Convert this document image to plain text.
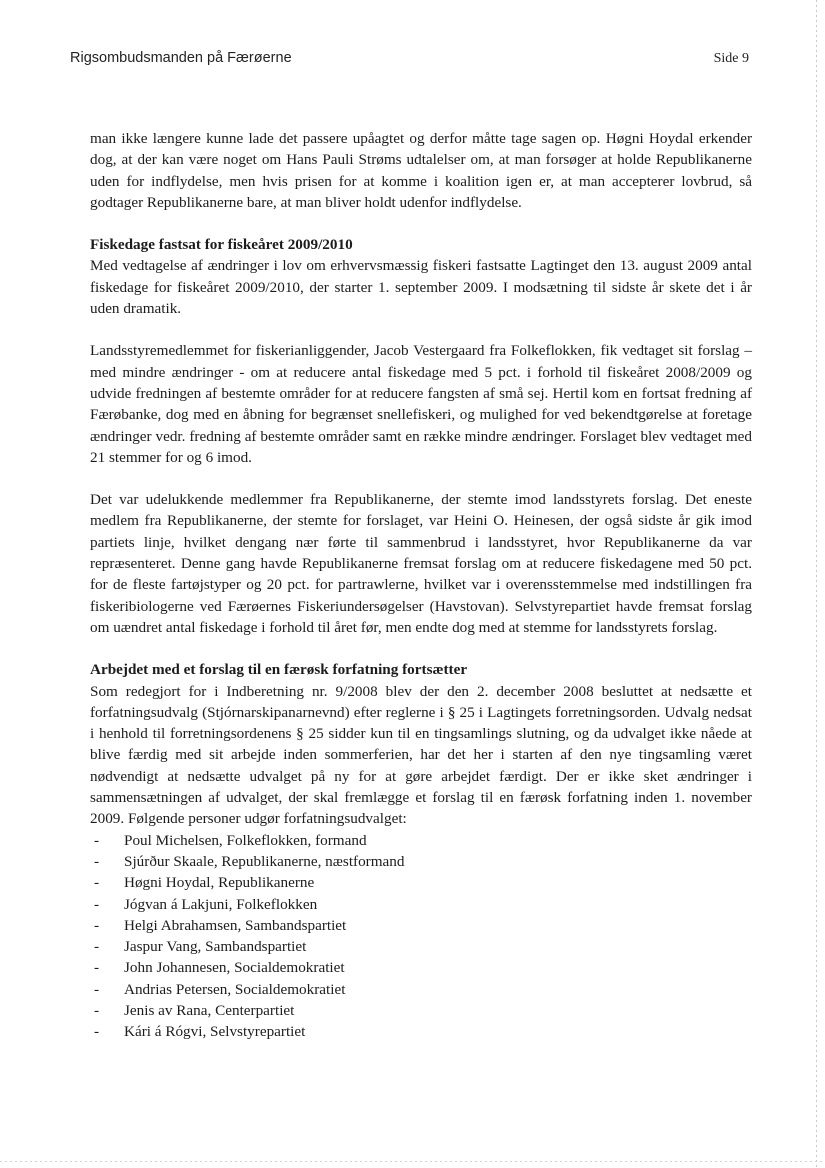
Rigsombudsmanden på Færøerne	Side 9

man ikke længere kunne lade det passere upåagtet og derfor måtte tage sagen op. Høgni Hoydal erkender dog, at der kan være noget om Hans Pauli Strøms udtalelser om, at man forsøger at holde Republikanerne uden for indflydelse, men hvis prisen for at komme i koalition igen er, at man accepterer lovbrud, så godtager Republikanerne bare, at man bliver holdt udenfor indflydelse.

Fiskedage fastsat for fiskeåret 2009/2010

Med vedtagelse af ændringer i lov om erhvervsmæssig fiskeri fastsatte Lagtinget den 13. august 2009 antal fiskedage for fiskeåret 2009/2010, der starter 1. september 2009. I modsætning til sidste år skete det i år uden dramatik.

Landsstyremedlemmet for fiskerianliggender, Jacob Vestergaard fra Folkeflokken, fik vedtaget sit forslag – med mindre ændringer - om at reducere antal fiskedage med 5 pct. i forhold til fiskeåret 2008/2009 og udvide fredningen af bestemte områder for at reducere fangsten af små sej. Hertil kom en fortsat fredning af Færøbanke, dog med en åbning for begrænset snellefiskeri, og mulighed for ved bekendtgørelse at foretage ændringer vedr. fredning af bestemte områder samt en række mindre ændringer. Forslaget blev vedtaget med 21 stemmer for og 6 imod.

Det var udelukkende medlemmer fra Republikanerne, der stemte imod landsstyrets forslag. Det eneste medlem fra Republikanerne, der stemte for forslaget, var Heini O. Heinesen, der også sidste år gik imod partiets linje, hvilket dengang nær førte til sammenbrud i landsstyret, hvor Republikanerne da var repræsenteret. Denne gang havde Republikanerne fremsat forslag om at reducere fiskedagene med 50 pct. for de fleste fartøjstyper og 20 pct. for partrawlerne, hvilket var i overensstemmelse med indstillingen fra fiskeribiologerne ved Færøernes Fiskeriundersøgelser (Havstovan). Selvstyrepartiet havde fremsat forslag om uændret antal fiskedage i forhold til året før, men endte dog med at stemme for landsstyrets forslag.

Arbejdet med et forslag til en færøsk forfatning fortsætter

Som redegjort for i Indberetning nr. 9/2008 blev der den 2. december 2008 besluttet at nedsætte et forfatningsudvalg (Stjórnarskipanarnevnd) efter reglerne i § 25 i Lagtingets forretningsorden. Udvalg nedsat i henhold til forretningsordenens § 25 sidder kun til en tingsamlings slutning, og da udvalget ikke nåede at blive færdig med sit arbejde inden sommerferien, har det her i starten af den nye tingsamling været nødvendigt at nedsætte udvalget på ny for at gøre arbejdet færdigt. Der er ikke sket ændringer i sammensætningen af udvalget, der skal fremlægge et forslag til en færøsk forfatning inden 1. november 2009. Følgende personer udgør forfatningsudvalget:

- Poul Michelsen, Folkeflokken, formand
- Sjúrður Skaale, Republikanerne, næstformand
- Høgni Hoydal, Republikanerne
- Jógvan á Lakjuni, Folkeflokken
- Helgi Abrahamsen, Sambandspartiet
- Jaspur Vang, Sambandspartiet
- John Johannesen, Socialdemokratiet
- Andrias Petersen, Socialdemokratiet
- Jenis av Rana, Centerpartiet
- Kári á Rógvi, Selvstyrepartiet
